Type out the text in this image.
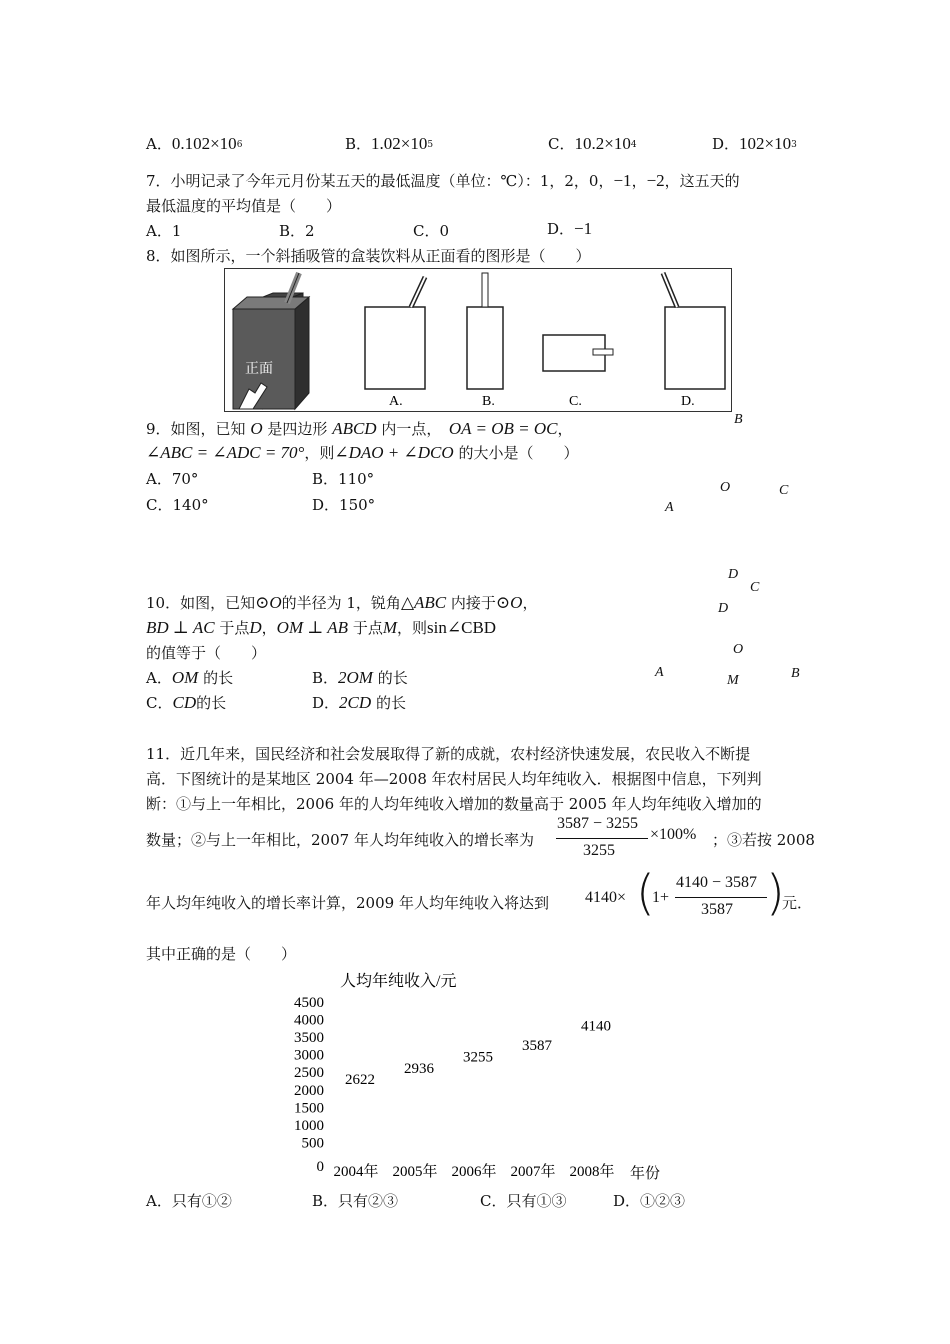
A．0.102×106	B．1.02×105	C．10.2×104	D．102×103
7．小明记录了今年元月份某五天的最低温度（单位：℃）：1，2，0，−1，−2，这五天的
最低温度的平均值是（　　）
A．1	B．2	C．0	D．−1
8．如图所示，一个斜插吸管的盒装饮料从正面看的图形是（　　）
正面
A.	B.	C.	D.
9．如图，已知 O 是四边形 ABCD 内一点，　 OA = OB = OC，
∠ABC = ∠ADC = 70°，则∠DAO + ∠DCO 的大小是（　　）
A．70°	B．110°
C．140°	D．150°
B
O	C
A
D
10．如图，已知⊙O的半径为 1，锐角△ABC 内接于⊙O，
BD ⊥ AC 于点D，OM ⊥ AB 于点M，则sin∠CBD
的值等于（　　）
A．OM 的长	B．2OM 的长
C．CD的长	D．2CD 的长
C
D
O
A
M	B
11．近几年来，国民经济和社会发展取得了新的成就，农村经济快速发展，农民收入不断提
高．下图统计的是某地区 2004 年—2008 年农村居民人均年纯收入．根据图中信息，下列判
断：①与上一年相比，2006 年的人均年纯收入增加的数量高于 2005 年人均年纯收入增加的
数量；②与上一年相比，2007 年人均年纯收入的增长率为
3587 − 3255
3255
×100% ；③若按 2008
年人均年纯收入的增长率计算，2009 年人均年纯收入将达到 4140× (
1+
4140 − 3587
3587 )
元．
其中正确的是（　　）
人均年纯收入/元
4500
4000
3500
3000
2500
2000
1500
1000
500
0
2622
2936
3255
3587
4140
2004年 2005年 2006年 2007年 2008年 年份
A．只有①②	B．只有②③	C．只有①③	D．①②③
